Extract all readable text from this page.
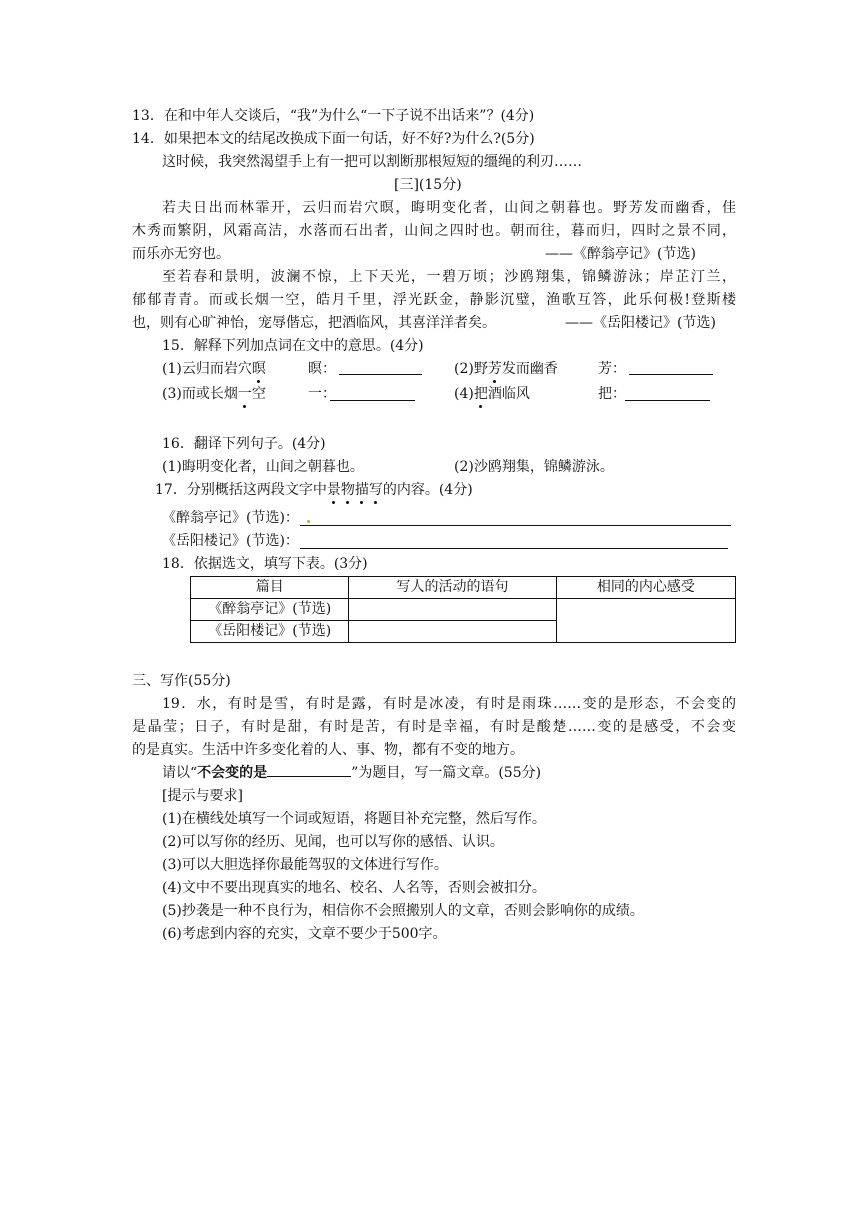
13．在和中年人交谈后，“我”为什么“一下子说不出话来”？(4分)
14．如果把本文的结尾改换成下面一句话，好不好?为什么?(5分)
这时候，我突然渴望手上有一把可以割断那根短短的缰绳的利刃……
[三](15分)
若夫日出而林霏开，云归而岩穴暝，晦明变化者，山间之朝暮也。野芳发而幽香，佳
木秀而繁阴，风霜高洁，水落而石出者，山间之四时也。朝而往，暮而归，四时之景不同，
而乐亦无穷也。	——《醉翁亭记》(节选)
至若春和景明，波澜不惊，上下天光，一碧万顷；沙鸥翔集，锦鳞游泳；岸芷汀兰，
郁郁青青。而或长烟一空，皓月千里，浮光跃金，静影沉璧，渔歌互答，此乐何极!登斯楼
也，则有心旷神怡，宠辱偕忘，把酒临风，其喜洋洋者矣。	——《岳阳楼记》(节选)
15．解释下列加点词在文中的意思。(4分)
(1)云归而岩穴暝	暝：	(2)野芳发而幽香	芳：
(3)而或长烟一空	一：	(4)把酒临风	把：
16．翻译下列句子。(4分)
(1)晦明变化者，山间之朝暮也。	(2)沙鸥翔集，锦鳞游泳。
17．分别概括这两段文字中景物描写的内容。(4分)
《醉翁亭记》(节选)：
《岳阳楼记》(节选)：
18．依据选文，填写下表。(3分)
篇目	写人的活动的语句	相同的内心感受
《醉翁亭记》(节选)		
《岳阳楼记》(节选)		
三、写作(55分)
19．水，有时是雪，有时是露，有时是冰凌，有时是雨珠……变的是形态，不会变的
是晶莹；日子，有时是甜，有时是苦，有时是幸福，有时是酸楚……变的是感受，不会变
的是真实。生活中许多变化着的人、事、物，都有不变的地方。
请以“不会变的是	”为题目，写一篇文章。(55分)
[提示与要求]
(1)在横线处填写一个词或短语，将题目补充完整，然后写作。
(2)可以写你的经历、见闻，也可以写你的感悟、认识。
(3)可以大胆选择你最能驾驭的文体进行写作。
(4)文中不要出现真实的地名、校名、人名等，否则会被扣分。
(5)抄袭是一种不良行为，相信你不会照搬别人的文章，否则会影响你的成绩。
(6)考虑到内容的充实，文章不要少于500字。
